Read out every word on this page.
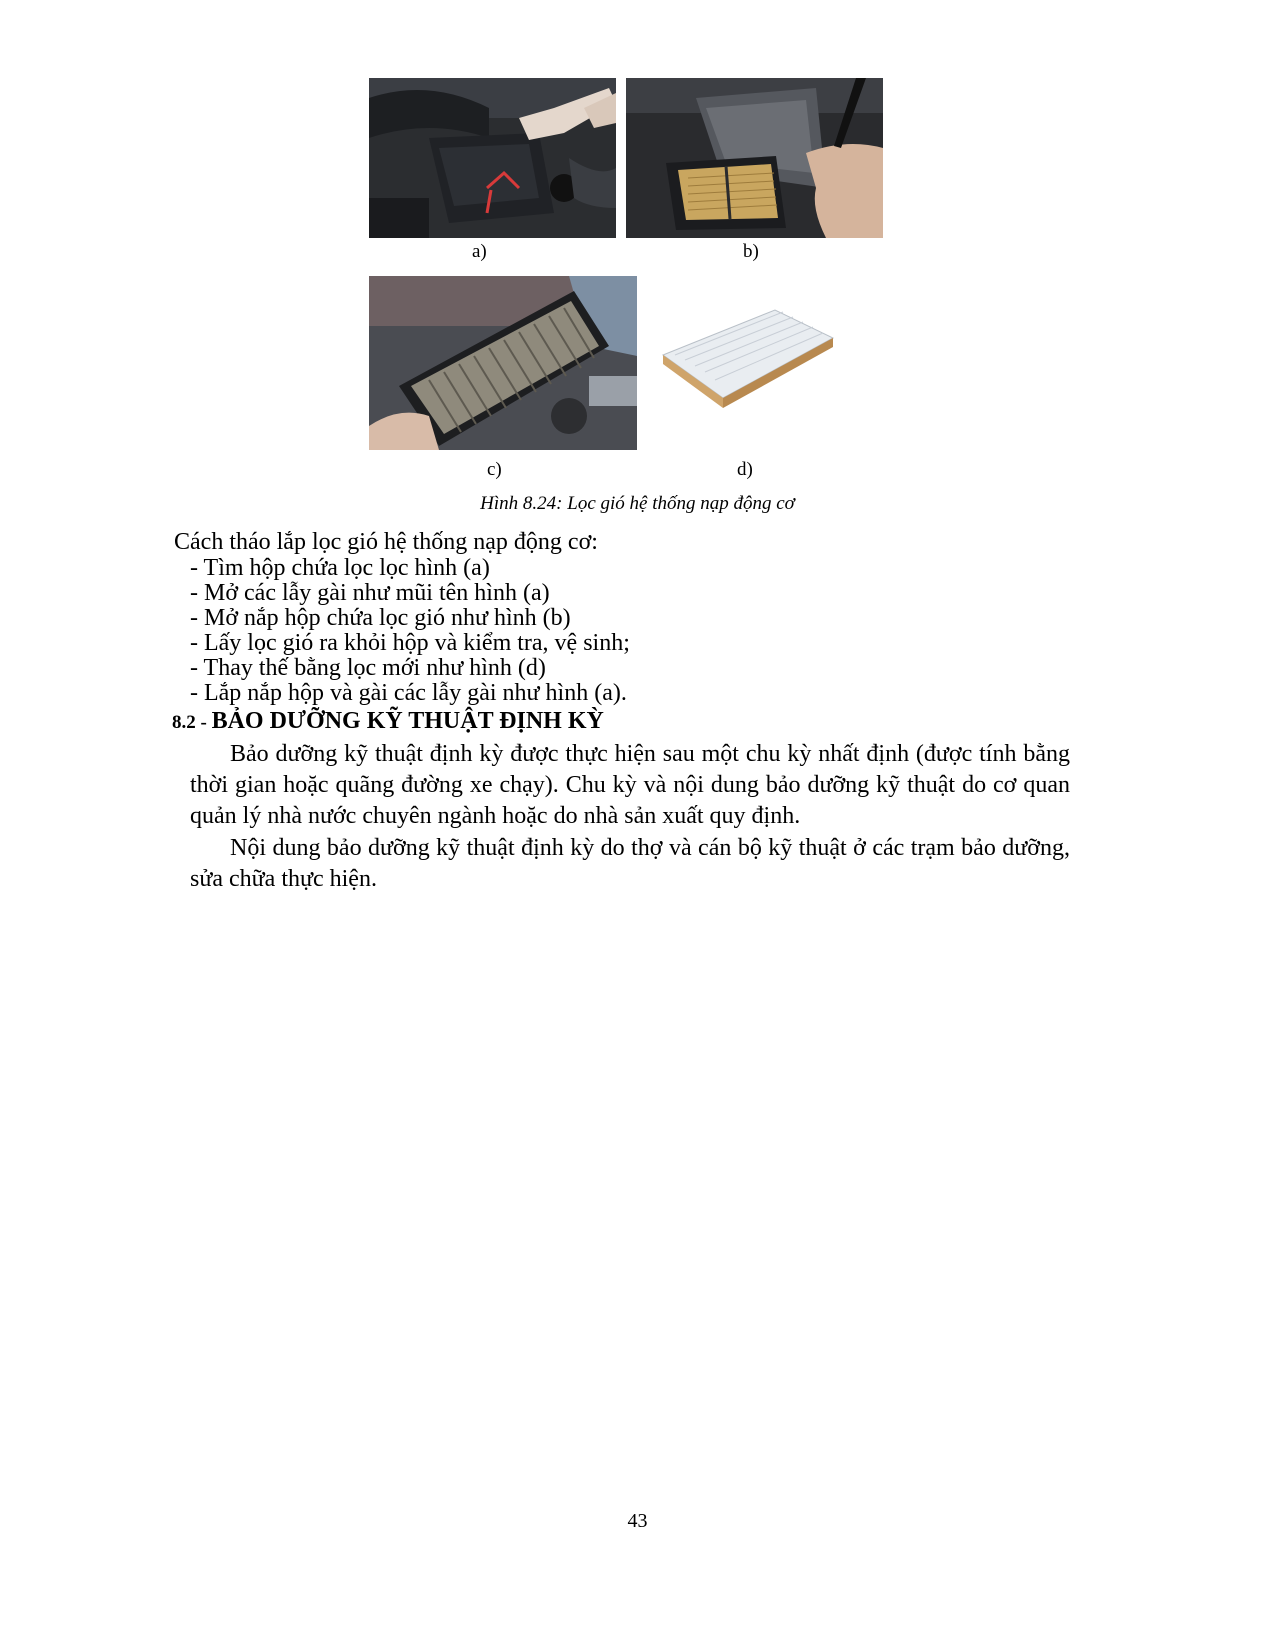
a)	b)
c)	d)
Hình 8.24: Lọc gió hệ thống nạp động cơ
Cách tháo lắp lọc gió hệ thống nạp động cơ:
- Tìm hộp chứa lọc lọc hình (a)
- Mở các lẫy gài như mũi tên hình (a)
- Mở nắp hộp chứa lọc gió như hình (b)
- Lấy lọc gió ra khỏi hộp và kiểm tra, vệ sinh;
- Thay thế bằng lọc mới như hình (d)
- Lắp nắp hộp và gài các lẫy gài như hình (a).
8.2 - BẢO DƯỠNG KỸ THUẬT ĐỊNH KỲ

Bảo dưỡng kỹ thuật định kỳ được thực hiện sau một chu kỳ nhất định (được tính bằng thời gian hoặc quãng đường xe chạy). Chu kỳ và nội dung bảo dưỡng kỹ thuật do cơ quan quản lý nhà nước chuyên ngành hoặc do nhà sản xuất quy định.

Nội dung bảo dưỡng kỹ thuật định kỳ do thợ và cán bộ kỹ thuật ở các trạm bảo dưỡng, sửa chữa thực hiện.

43
